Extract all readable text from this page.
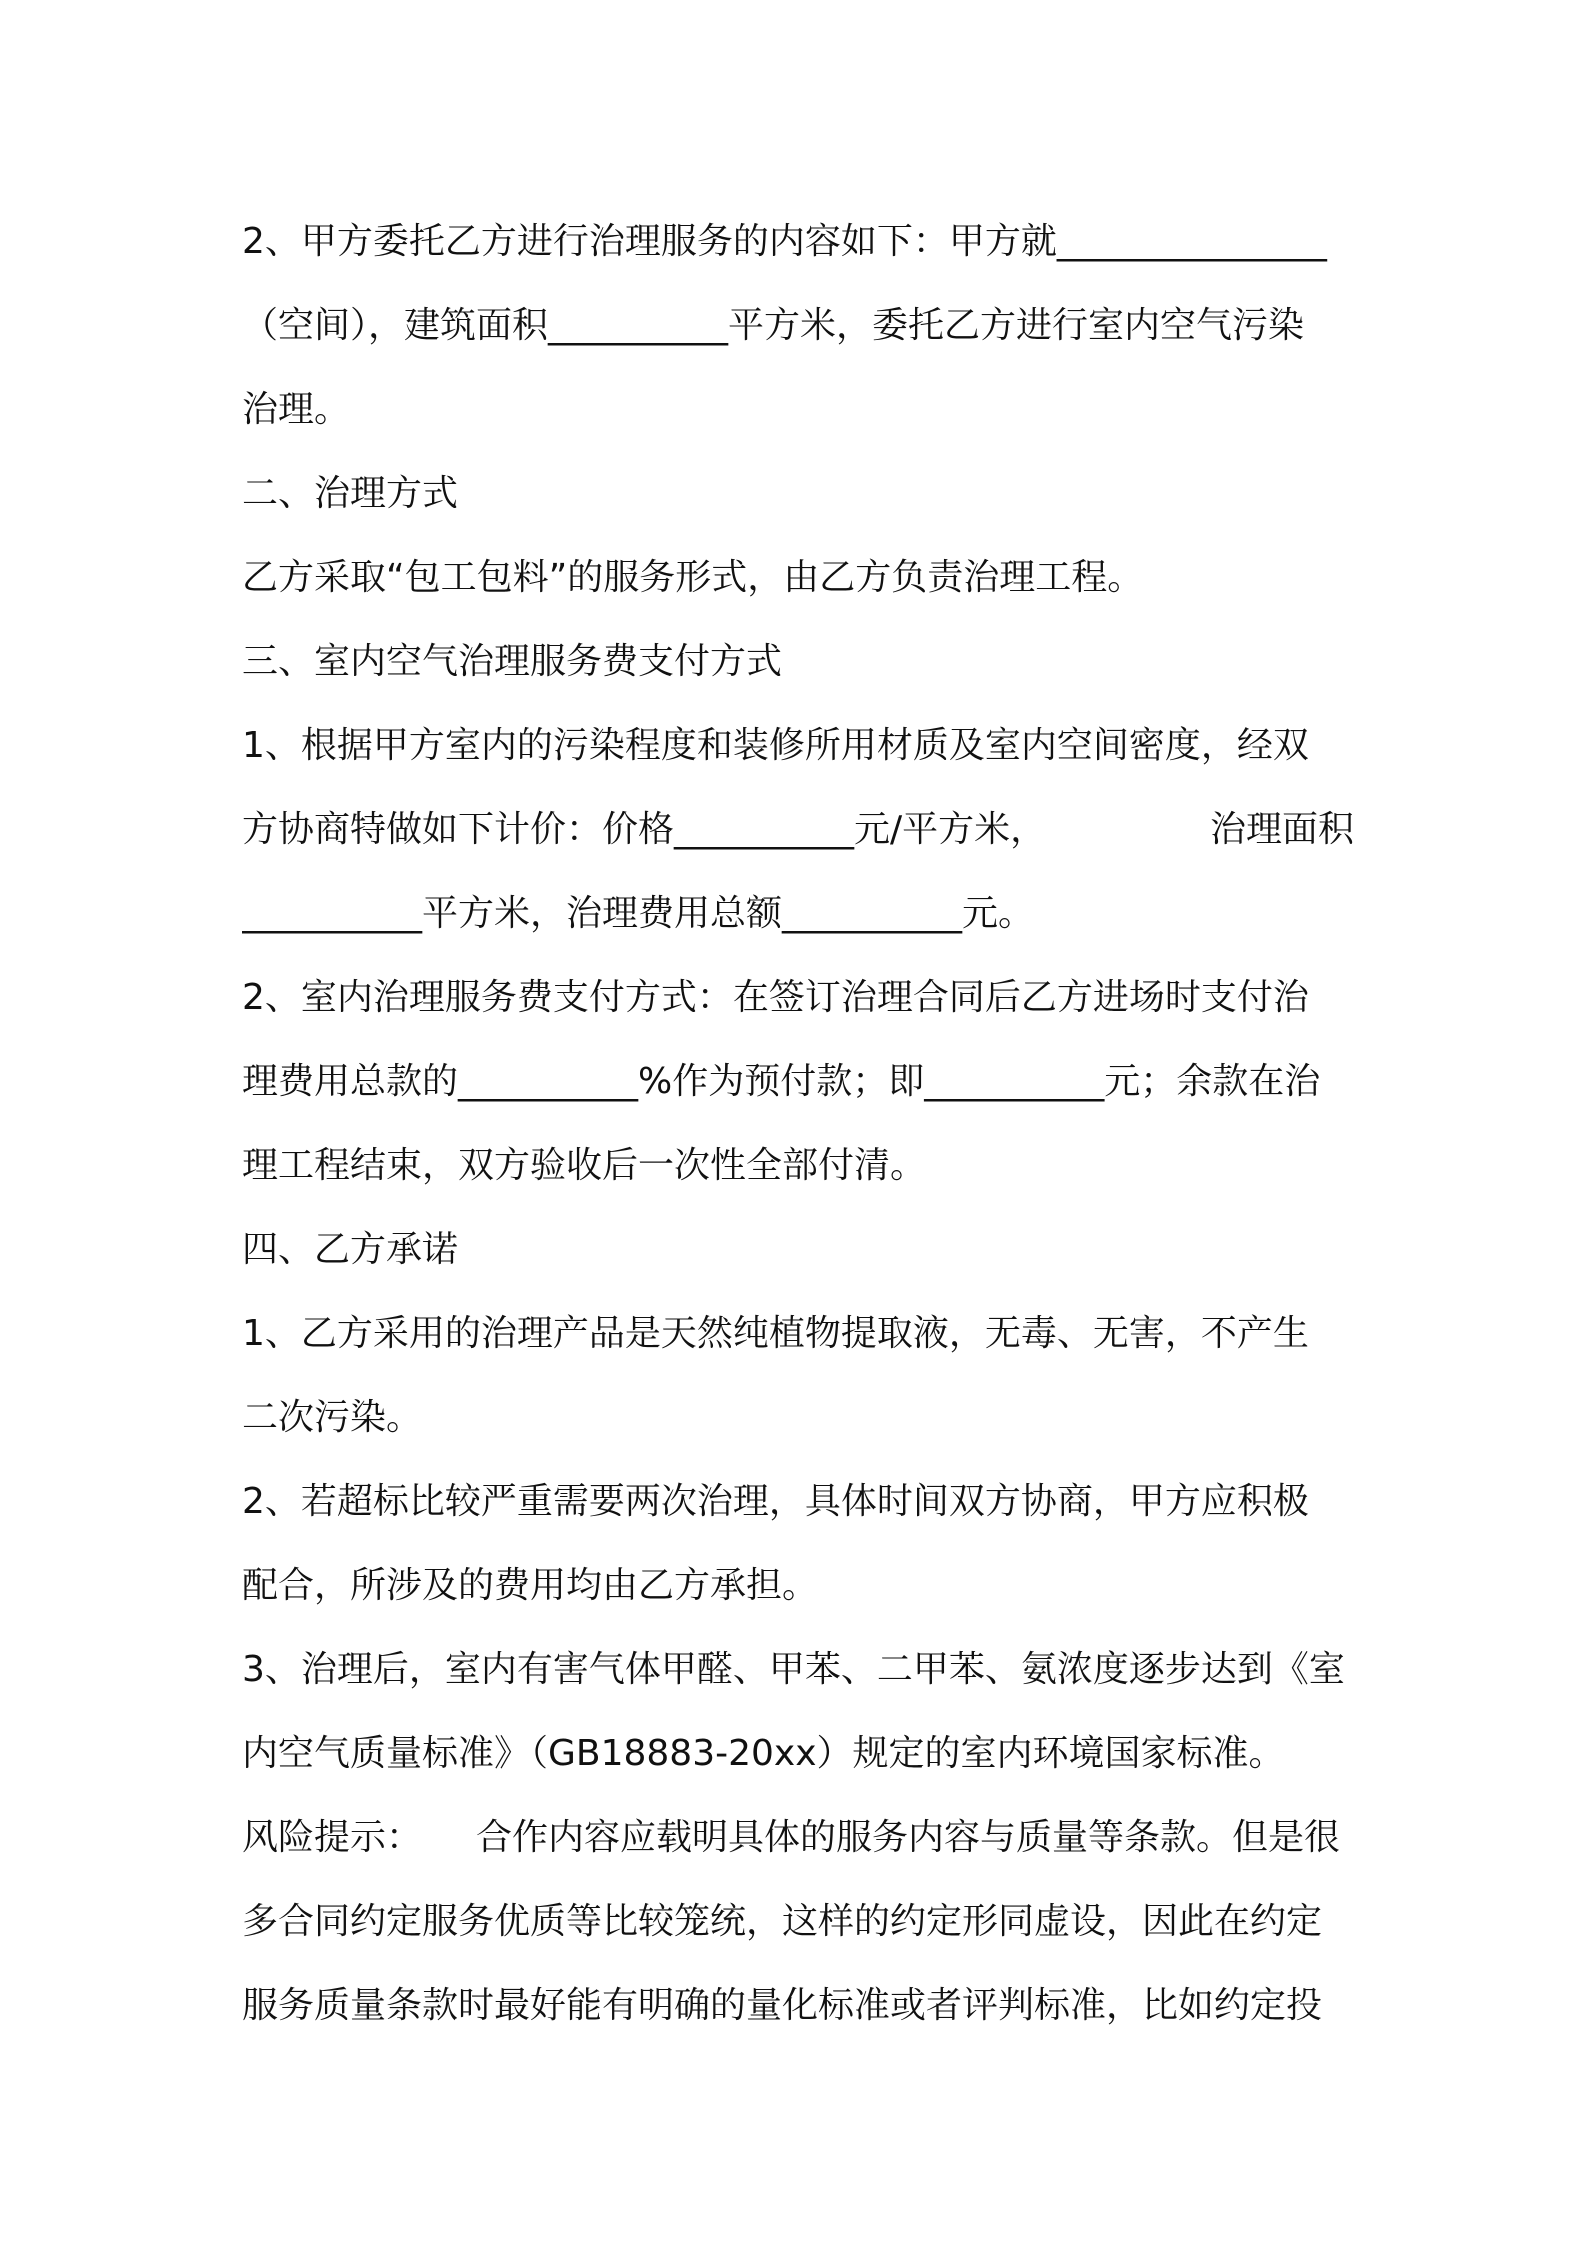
2、甲方委托乙方进行治理服务的内容如下：甲方就_______________
（空间），建筑面积__________平方米，委托乙方进行室内空气污染
治理。
二、治理方式
乙方采取“包工包料”的服务形式，由乙方负责治理工程。
三、室内空气治理服务费支付方式
1、根据甲方室内的污染程度和装修所用材质及室内空间密度，经双
方协商特做如下计价：价格__________元/平方米，	治理面积
__________平方米，治理费用总额__________元。
2、室内治理服务费支付方式：在签订治理合同后乙方进场时支付治
理费用总款的__________%作为预付款；即__________元；余款在治
理工程结束，双方验收后一次性全部付清。
四、乙方承诺
1、乙方采用的治理产品是天然纯植物提取液，无毒、无害，不产生
二次污染。
2、若超标比较严重需要两次治理，具体时间双方协商，甲方应积极
配合，所涉及的费用均由乙方承担。
3、治理后，室内有害气体甲醛、甲苯、二甲苯、氨浓度逐步达到《室
内空气质量标准》（GB18883-20xx）规定的室内环境国家标准。
风险提示： 合作内容应载明具体的服务内容与质量等条款。但是很
多合同约定服务优质等比较笼统，这样的约定形同虚设，因此在约定
服务质量条款时最好能有明确的量化标准或者评判标准，比如约定投
